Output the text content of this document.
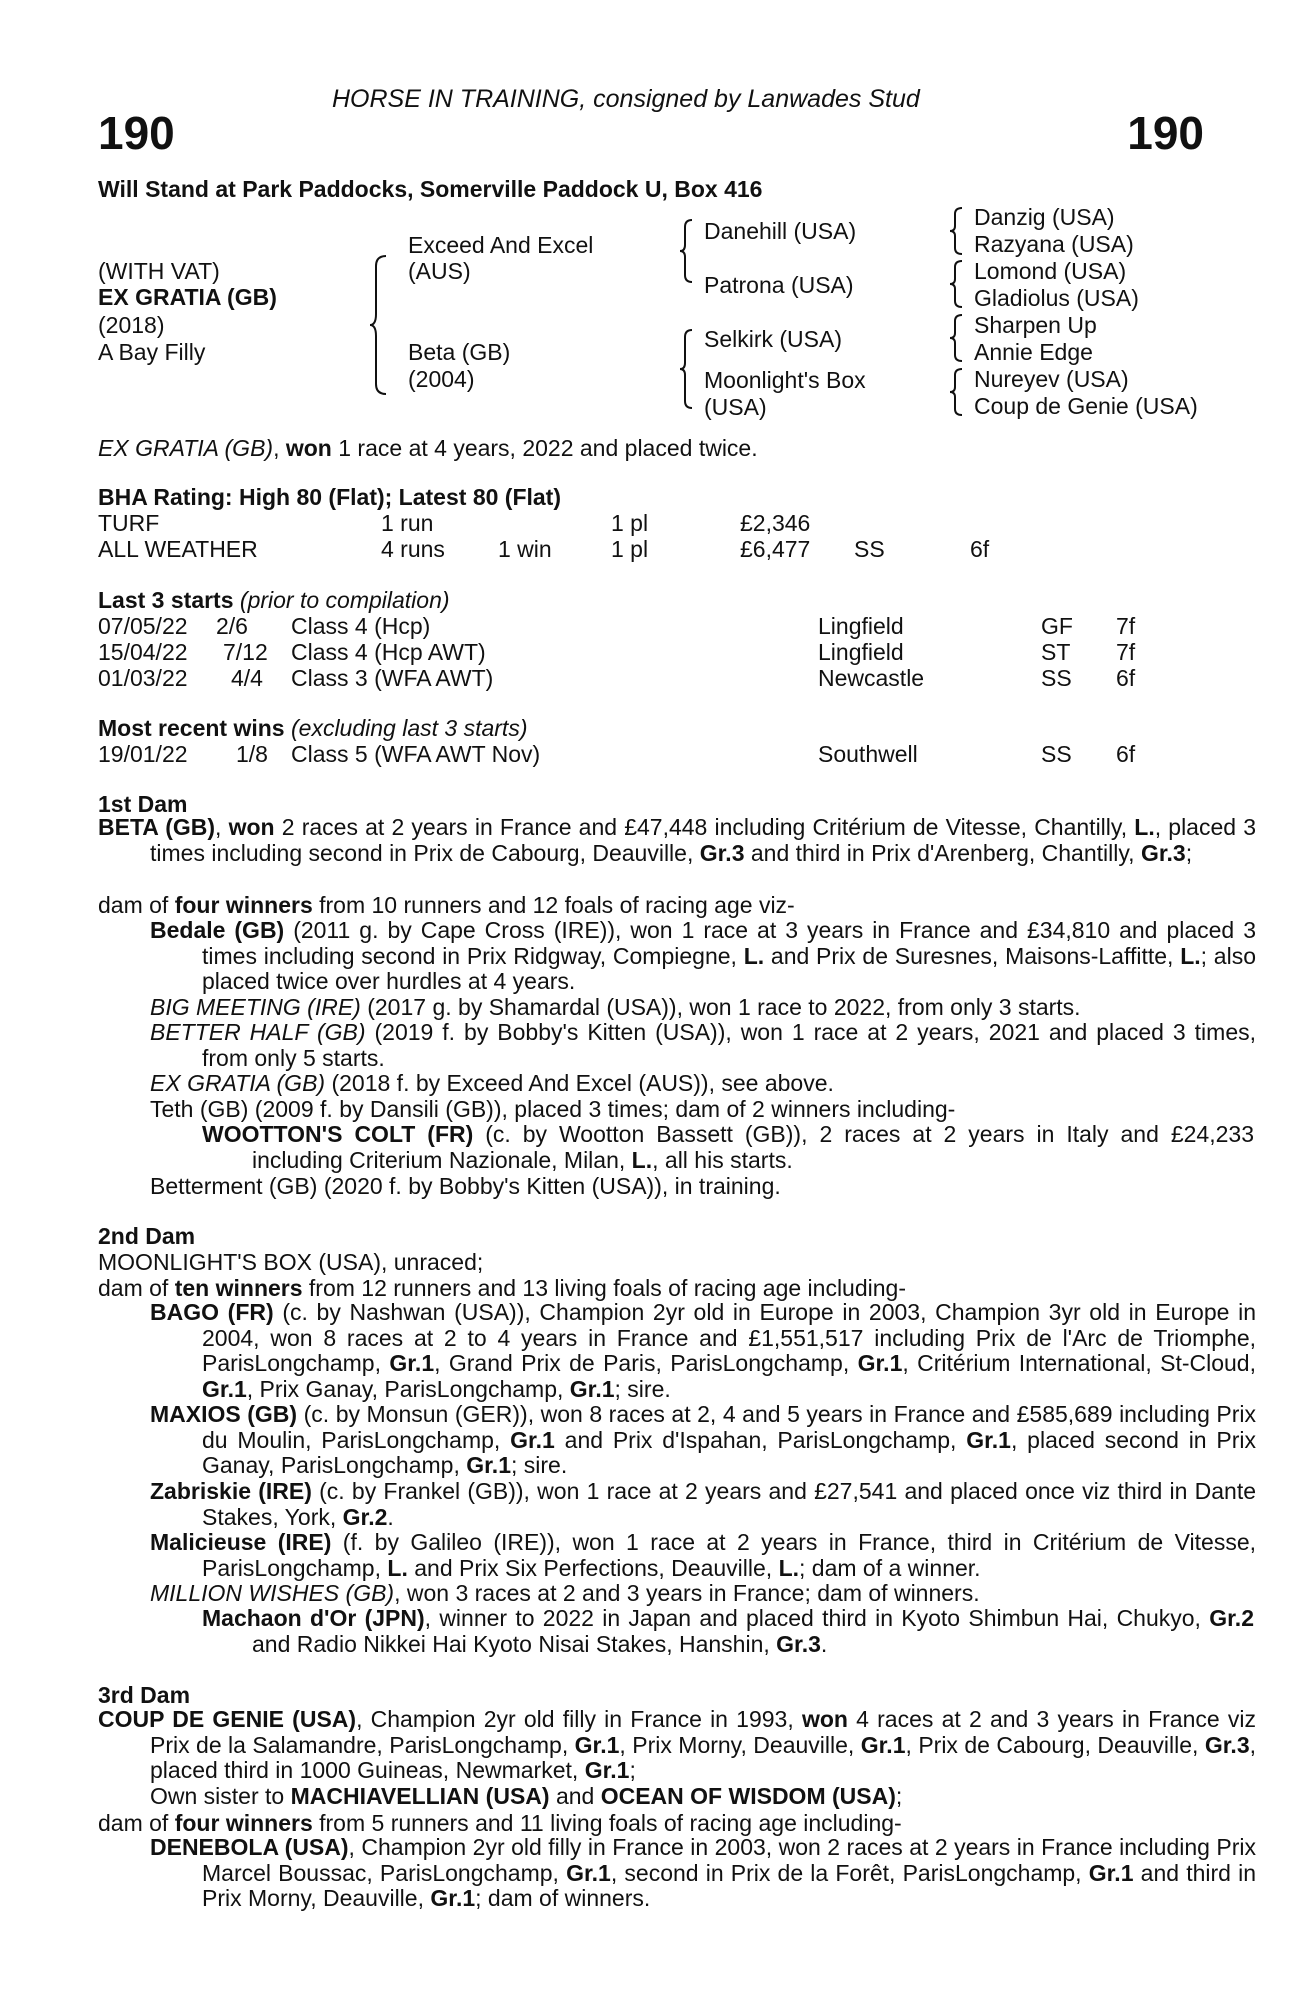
HORSE IN TRAINING, consigned by Lanwades Stud
190	190
Will Stand at Park Paddocks, Somerville Paddock U, Box 416
(WITH VAT)
EX GRATIA (GB)
(2018)
A Bay Filly
Exceed And Excel
(AUS)
Beta (GB)
(2004)
Danehill (USA)
Patrona (USA)
Selkirk (USA)
Moonlight's Box
(USA)
Danzig (USA)
Razyana (USA)
Lomond (USA)
Gladiolus (USA)
Sharpen Up
Annie Edge
Nureyev (USA)
Coup de Genie (USA)
EX GRATIA (GB), won 1 race at 4 years, 2022 and placed twice.
BHA Rating: High 80 (Flat); Latest 80 (Flat)
TURF	1 run	1 pl	£2,346
ALL WEATHER	4 runs 1 win	1 pl	£6,477 SS	6f
Last 3 starts (prior to compilation)
07/05/22 2/6 Class 4 (Hcp)	Lingfield	GF 7f
15/04/22 7/12 Class 4 (Hcp AWT)	Lingfield	ST 7f
01/03/22 4/4 Class 3 (WFA AWT)	Newcastle	SS 6f
Most recent wins (excluding last 3 starts)
19/01/22 1/8 Class 5 (WFA AWT Nov)	Southwell	SS 6f
1st Dam
BETA (GB), won 2 races at 2 years in France and £47,448 including Critérium de Vitesse, Chantilly, L., placed 3 times including second in Prix de Cabourg, Deauville, Gr.3 and third in Prix d'Arenberg, Chantilly, Gr.3;
dam of four winners from 10 runners and 12 foals of racing age viz-
Bedale (GB) (2011 g. by Cape Cross (IRE)), won 1 race at 3 years in France and £34,810 and placed 3 times including second in Prix Ridgway, Compiegne, L. and Prix de Suresnes, Maisons-Laffitte, L.; also placed twice over hurdles at 4 years.
BIG MEETING (IRE) (2017 g. by Shamardal (USA)), won 1 race to 2022, from only 3 starts.
BETTER HALF (GB) (2019 f. by Bobby's Kitten (USA)), won 1 race at 2 years, 2021 and placed 3 times, from only 5 starts.
EX GRATIA (GB) (2018 f. by Exceed And Excel (AUS)), see above.
Teth (GB) (2009 f. by Dansili (GB)), placed 3 times; dam of 2 winners including-
WOOTTON'S COLT (FR) (c. by Wootton Bassett (GB)), 2 races at 2 years in Italy and £24,233 including Criterium Nazionale, Milan, L., all his starts.
Betterment (GB) (2020 f. by Bobby's Kitten (USA)), in training.
2nd Dam
MOONLIGHT'S BOX (USA), unraced;
dam of ten winners from 12 runners and 13 living foals of racing age including-
BAGO (FR) (c. by Nashwan (USA)), Champion 2yr old in Europe in 2003, Champion 3yr old in Europe in 2004, won 8 races at 2 to 4 years in France and £1,551,517 including Prix de l'Arc de Triomphe, ParisLongchamp, Gr.1, Grand Prix de Paris, ParisLongchamp, Gr.1, Critérium International, St-Cloud, Gr.1, Prix Ganay, ParisLongchamp, Gr.1; sire.
MAXIOS (GB) (c. by Monsun (GER)), won 8 races at 2, 4 and 5 years in France and £585,689 including Prix du Moulin, ParisLongchamp, Gr.1 and Prix d'Ispahan, ParisLongchamp, Gr.1, placed second in Prix Ganay, ParisLongchamp, Gr.1; sire.
Zabriskie (IRE) (c. by Frankel (GB)), won 1 race at 2 years and £27,541 and placed once viz third in Dante Stakes, York, Gr.2.
Malicieuse (IRE) (f. by Galileo (IRE)), won 1 race at 2 years in France, third in Critérium de Vitesse, ParisLongchamp, L. and Prix Six Perfections, Deauville, L.; dam of a winner.
MILLION WISHES (GB), won 3 races at 2 and 3 years in France; dam of winners.
Machaon d'Or (JPN), winner to 2022 in Japan and placed third in Kyoto Shimbun Hai, Chukyo, Gr.2 and Radio Nikkei Hai Kyoto Nisai Stakes, Hanshin, Gr.3.
3rd Dam
COUP DE GENIE (USA), Champion 2yr old filly in France in 1993, won 4 races at 2 and 3 years in France viz Prix de la Salamandre, ParisLongchamp, Gr.1, Prix Morny, Deauville, Gr.1, Prix de Cabourg, Deauville, Gr.3, placed third in 1000 Guineas, Newmarket, Gr.1;
Own sister to MACHIAVELLIAN (USA) and OCEAN OF WISDOM (USA);
dam of four winners from 5 runners and 11 living foals of racing age including-
DENEBOLA (USA), Champion 2yr old filly in France in 2003, won 2 races at 2 years in France including Prix Marcel Boussac, ParisLongchamp, Gr.1, second in Prix de la Forêt, ParisLongchamp, Gr.1 and third in Prix Morny, Deauville, Gr.1; dam of winners.
